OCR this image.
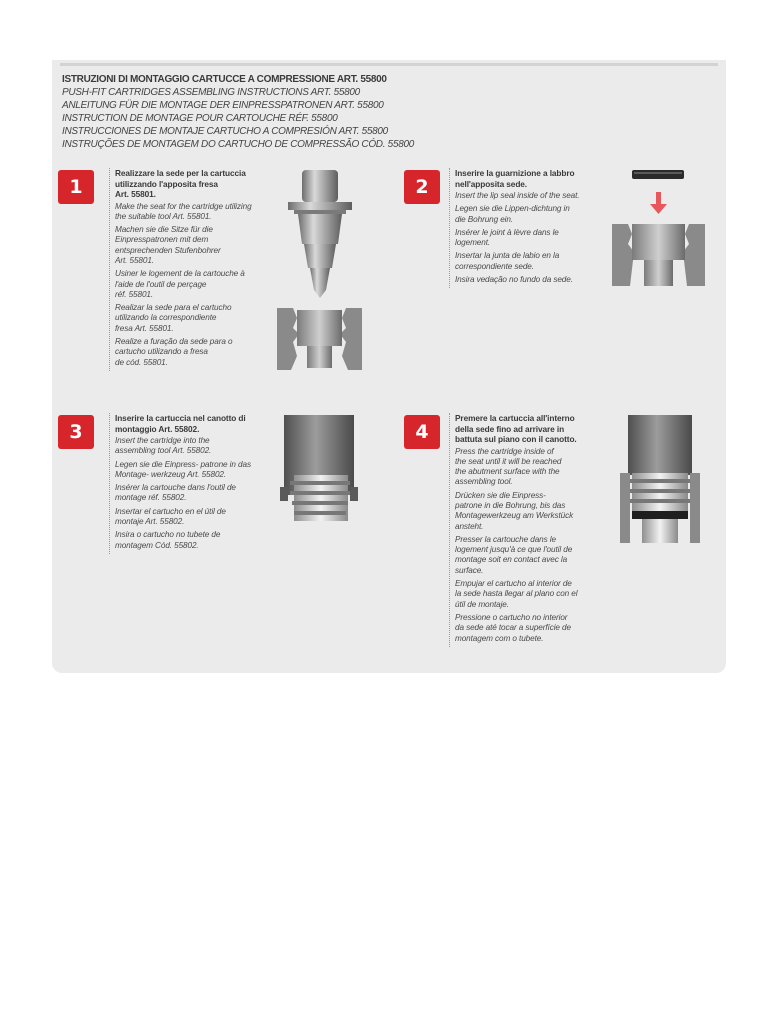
ISTRUZIONI DI MONTAGGIO CARTUCCE A COMPRESSIONE ART. 55800
PUSH-FIT CARTRIDGES ASSEMBLING INSTRUCTIONS ART. 55800
ANLEITUNG FÜR DIE MONTAGE DER EINPRESSPATRONEN ART. 55800
INSTRUCTION DE MONTAGE POUR CARTOUCHE RÉF. 55800
INSTRUCCIONES DE MONTAJE CARTUCHO A COMPRESIÓN ART. 55800
INSTRUÇÕES DE MONTAGEM DO CARTUCHO DE COMPRESSÃO CÓD. 55800
1
Realizzare la sede per la cartuccia
utilizzando l'apposita fresa
Art. 55801.
Make the seat for the cartridge utilizing
the suitable tool Art. 55801.
Machen sie die Sitze für die
Einpresspatronen mit dem
entsprechenden Stufenbohrer
Art. 55801.
Usiner le logement de la cartouche à
l'aide de l'outil de perçage
réf. 55801.
Realizar la sede para el cartucho
utilizando la correspondiente
fresa Art. 55801.
Realize a furação da sede para o
cartucho utilizando a fresa
de cód. 55801.
2
Inserire la guarnizione a labbro
nell'apposita sede.
Insert the lip seal inside of the seat.
Legen sie die Lippen-dichtung in
die Bohrung ein.
Insérer le joint à lèvre dans le
logement.
Insertar la junta de labio en la
correspondiente sede.
Insira vedação no fundo da sede.
3
Inserire la cartuccia nel canotto di
montaggio Art. 55802.
Insert the cartridge into the
assembling tool Art. 55802.
Legen sie die Einpress- patrone in das
Montage- werkzeug Art. 55802.
Insérer la cartouche dans l'outil de
montage réf. 55802.
Insertar el cartucho en el útil de
montaje Art. 55802.
Insira o cartucho no tubete de
montagem Cód. 55802.
4
Premere la cartuccia all'interno
della sede fino ad arrivare in
battuta sul piano con il canotto.
Press the cartridge inside of
the seat until it will be reached
the abutment surface with the
assembling tool.
Drücken sie die Einpress-
patrone in die Bohrung, bis das
Montagewerkzeug am Werkstück
ansteht.
Presser la cartouche dans le
logement jusqu'à ce que l'outil de
montage soit en contact avec la
surface.
Empujar el cartucho al interior de
la sede hasta llegar al plano con el
útil de montaje.
Pressione o cartucho no interior
da sede até tocar a superfície de
montagem com o tubete.
